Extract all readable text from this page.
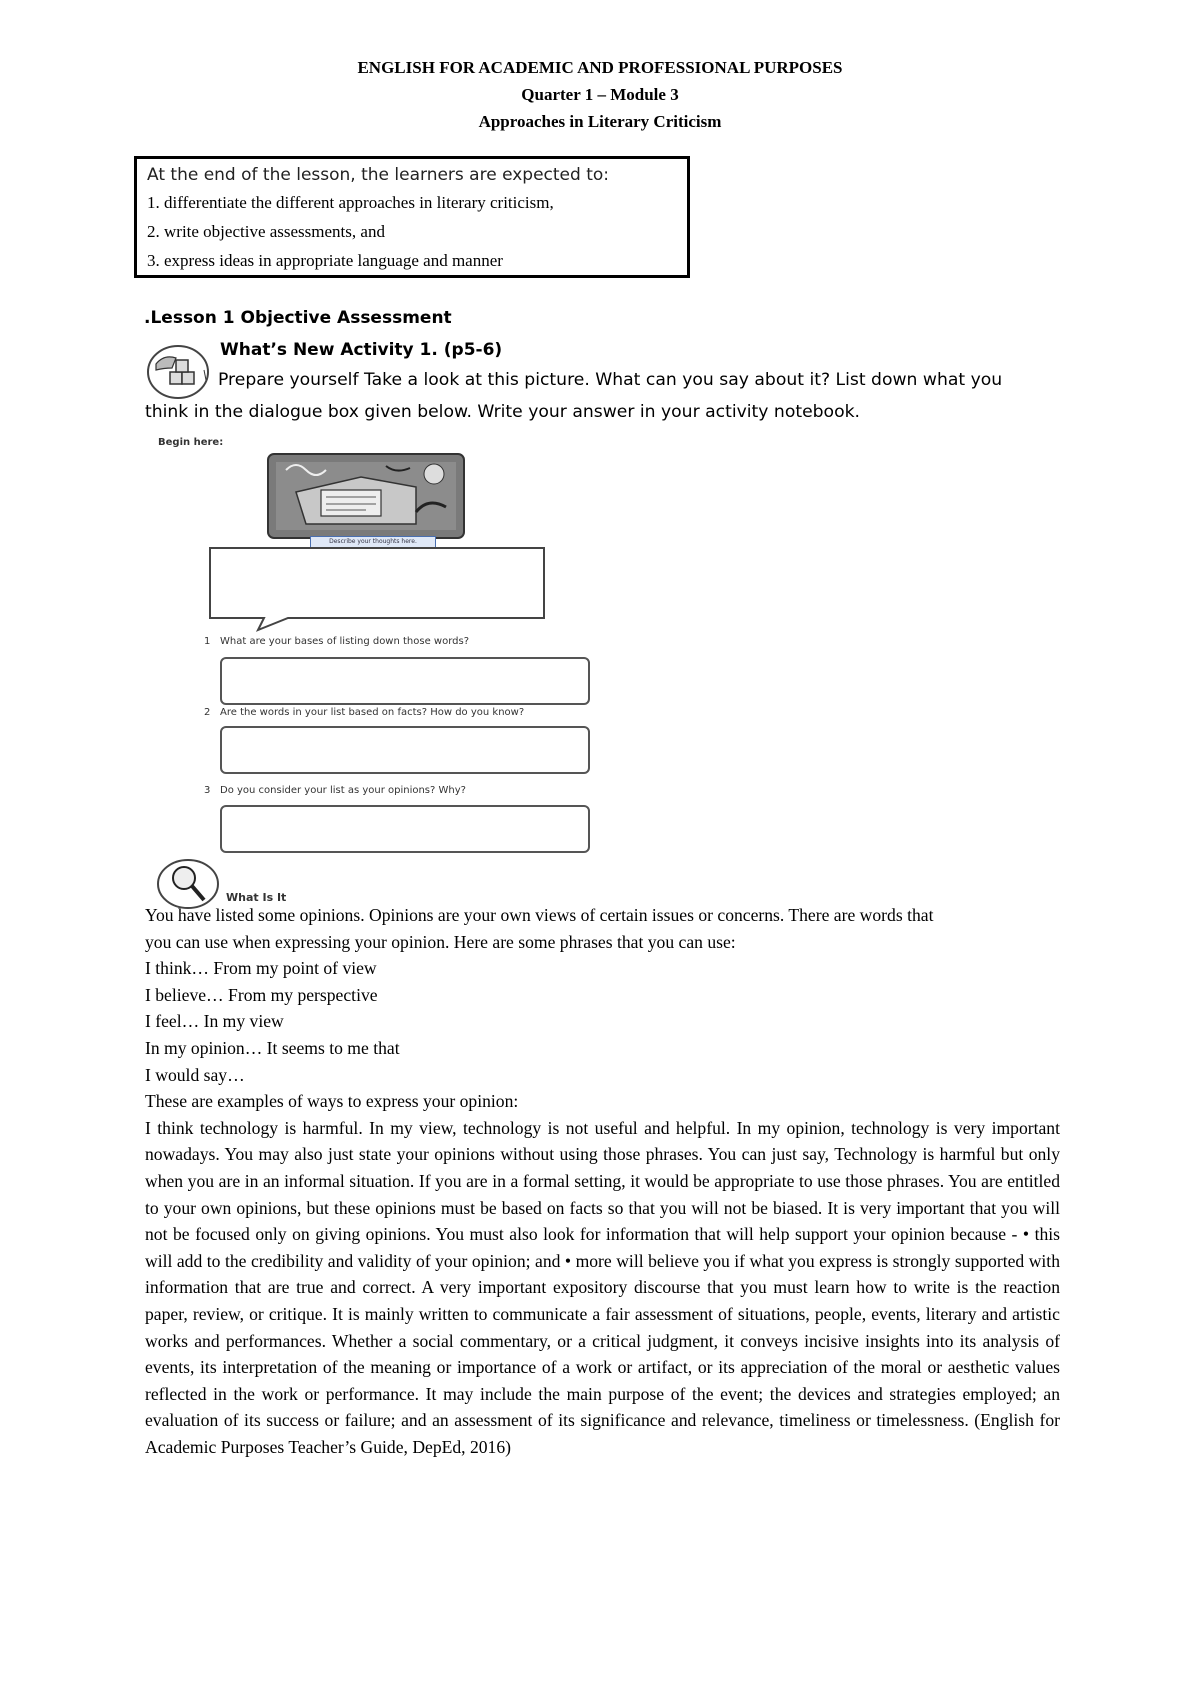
ENGLISH FOR ACADEMIC AND PROFESSIONAL PURPOSES
Quarter 1 – Module 3
Approaches in Literary Criticism
At the end of the lesson, the learners are expected to:
1. differentiate the different approaches in literary criticism,
2. write objective assessments, and
3. express ideas in appropriate language and manner
.Lesson 1 Objective Assessment
What’s New Activity 1. (p5-6)
Prepare yourself Take a look at this picture. What can you say about it? List down what you
think in the dialogue box given below. Write your answer in your activity notebook.
Begin here:
Describe your thoughts here.
1 What are your bases of listing down those words?
2 Are the words in your list based on facts? How do you know?
3 Do you consider your list as your opinions? Why?
What Is It
You have listed some opinions. Opinions are your own views of certain issues or concerns. There are words that
you can use when expressing your opinion. Here are some phrases that you can use:
I think… From my point of view
I believe… From my perspective
I feel… In my view
In my opinion… It seems to me that
I would say…
These are examples of ways to express your opinion:
I think technology is harmful. In my view, technology is not useful and helpful. In my opinion, technology is very important nowadays. You may also just state your opinions without using those phrases. You can just say, Technology is harmful but only when you are in an informal situation. If you are in a formal setting, it would be appropriate to use those phrases. You are entitled to your own opinions, but these opinions must be based on facts so that you will not be biased. It is very important that you will not be focused only on giving opinions. You must also look for information that will help support your opinion because - • this will add to the credibility and validity of your opinion; and • more will believe you if what you express is strongly supported with information that are true and correct. A very important expository discourse that you must learn how to write is the reaction paper, review, or critique. It is mainly written to communicate a fair assessment of situations, people, events, literary and artistic works and performances. Whether a social commentary, or a critical judgment, it conveys incisive insights into its analysis of events, its interpretation of the meaning or importance of a work or artifact, or its appreciation of the moral or aesthetic values reflected in the work or performance. It may include the main purpose of the event; the devices and strategies employed; an evaluation of its success or failure; and an assessment of its significance and relevance, timeliness or timelessness. (English for Academic Purposes Teacher’s Guide, DepEd, 2016)
